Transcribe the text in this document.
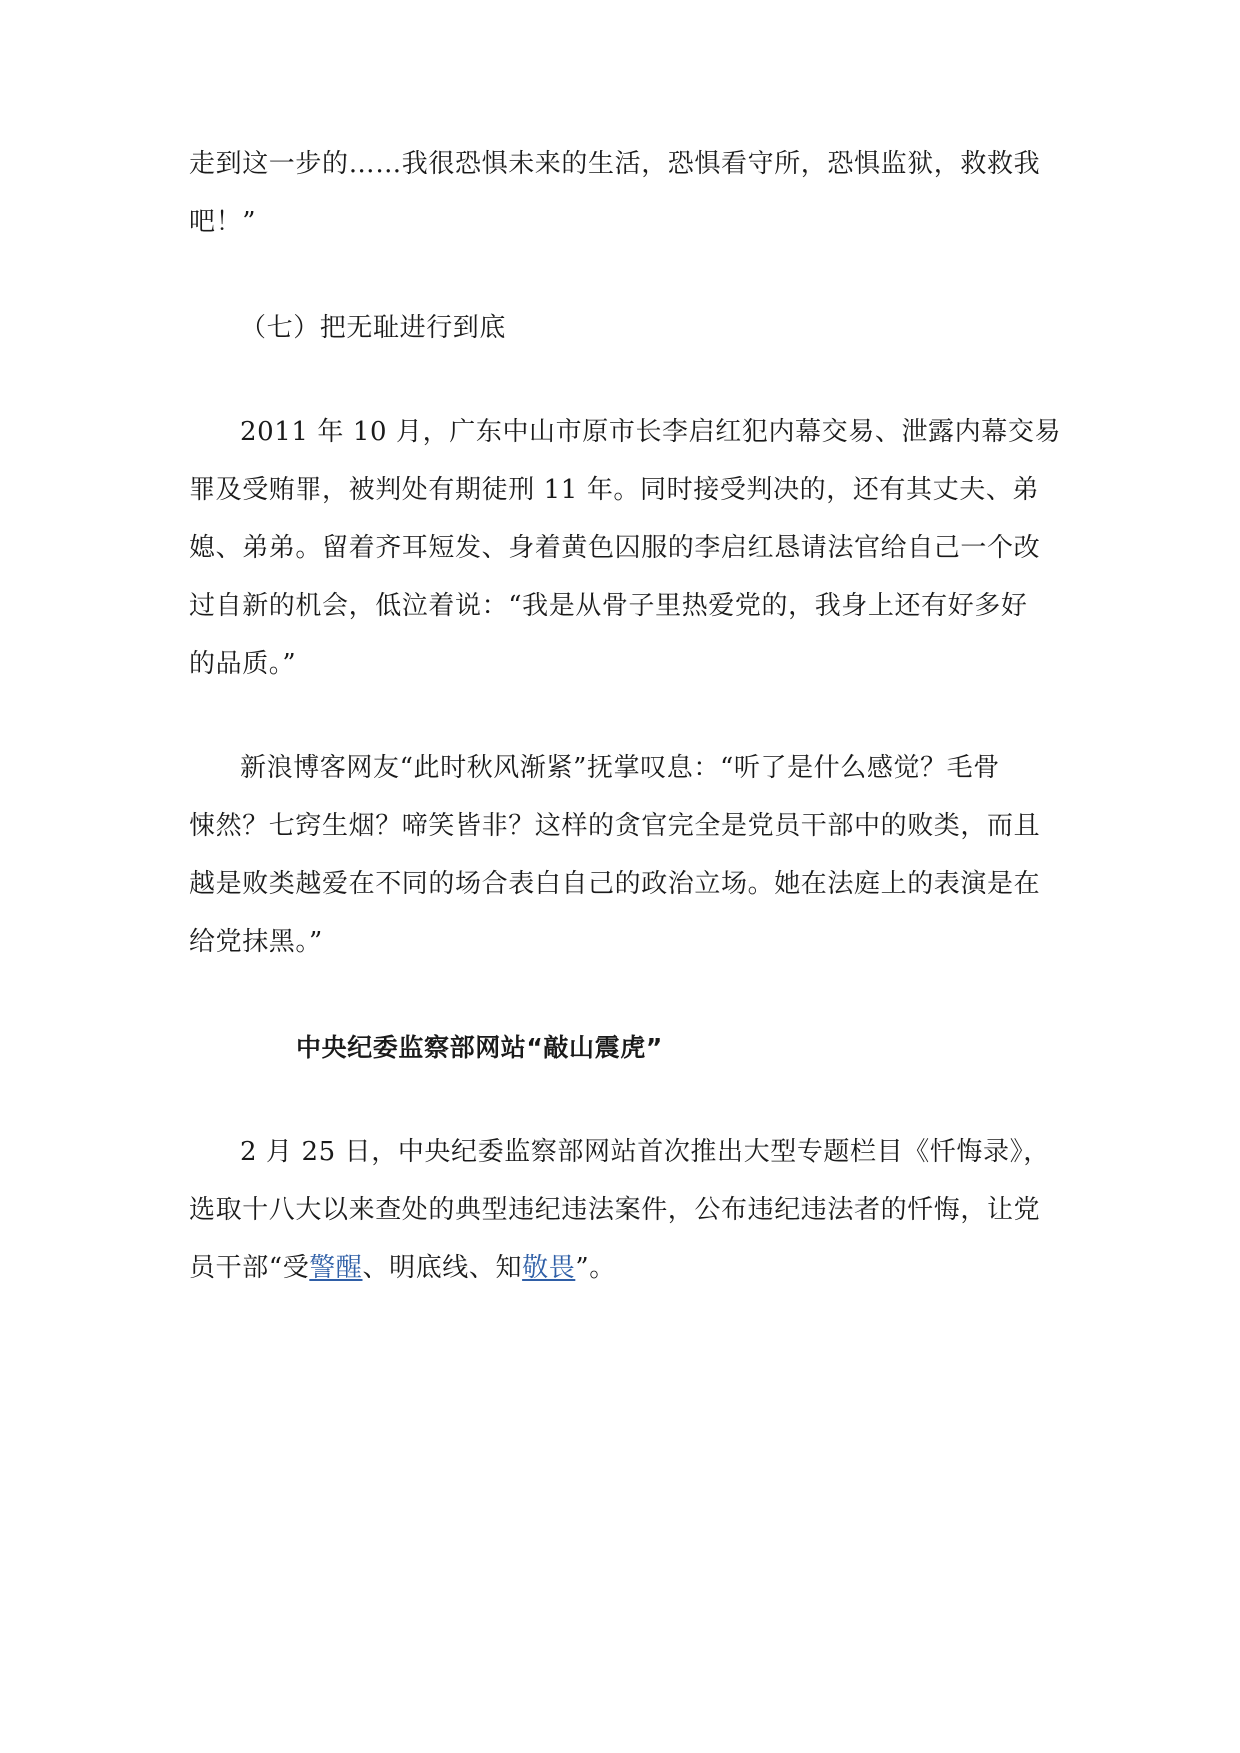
走到这一步的……我很恐惧未来的生活，恐惧看守所，恐惧监狱，救救我
吧！”
（七）把无耻进行到底
2011 年 10 月，广东中山市原市长李启红犯内幕交易、泄露内幕交易
罪及受贿罪，被判处有期徒刑 11 年。同时接受判决的，还有其丈夫、弟
媳、弟弟。留着齐耳短发、身着黄色囚服的李启红恳请法官给自己一个改
过自新的机会，低泣着说：“我是从骨子里热爱党的，我身上还有好多好
的品质。”
新浪博客网友“此时秋风渐紧”抚掌叹息：“听了是什么感觉？毛骨
悚然？七窍生烟？啼笑皆非？这样的贪官完全是党员干部中的败类，而且
越是败类越爱在不同的场合表白自己的政治立场。她在法庭上的表演是在
给党抹黑。”
中央纪委监察部网站“敲山震虎”
2 月 25 日，中央纪委监察部网站首次推出大型专题栏目《忏悔录》，
选取十八大以来查处的典型违纪违法案件，公布违纪违法者的忏悔，让党
员干部“受警醒、明底线、知敬畏”。
